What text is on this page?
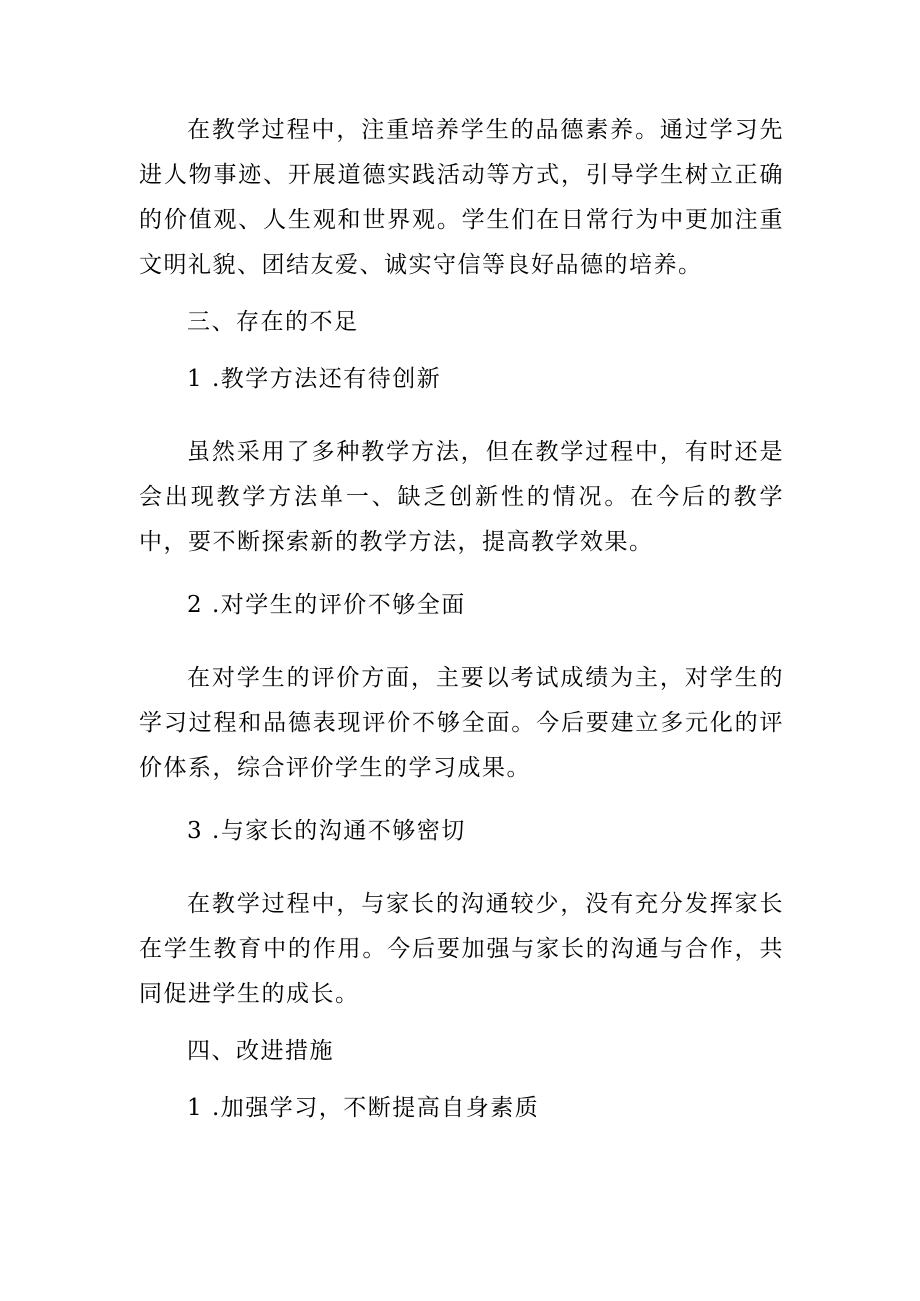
在教学过程中，注重培养学生的品德素养。通过学习先进人物事迹、开展道德实践活动等方式，引导学生树立正确的价值观、人生观和世界观。学生们在日常行为中更加注重文明礼貌、团结友爱、诚实守信等良好品德的培养。

三、存在的不足

1 .教学方法还有待创新

虽然采用了多种教学方法，但在教学过程中，有时还是会出现教学方法单一、缺乏创新性的情况。在今后的教学中，要不断探索新的教学方法，提高教学效果。

2 .对学生的评价不够全面

在对学生的评价方面，主要以考试成绩为主，对学生的学习过程和品德表现评价不够全面。今后要建立多元化的评价体系，综合评价学生的学习成果。

3 .与家长的沟通不够密切

在教学过程中，与家长的沟通较少，没有充分发挥家长在学生教育中的作用。今后要加强与家长的沟通与合作，共同促进学生的成长。

四、改进措施

1 .加强学习，不断提高自身素质
